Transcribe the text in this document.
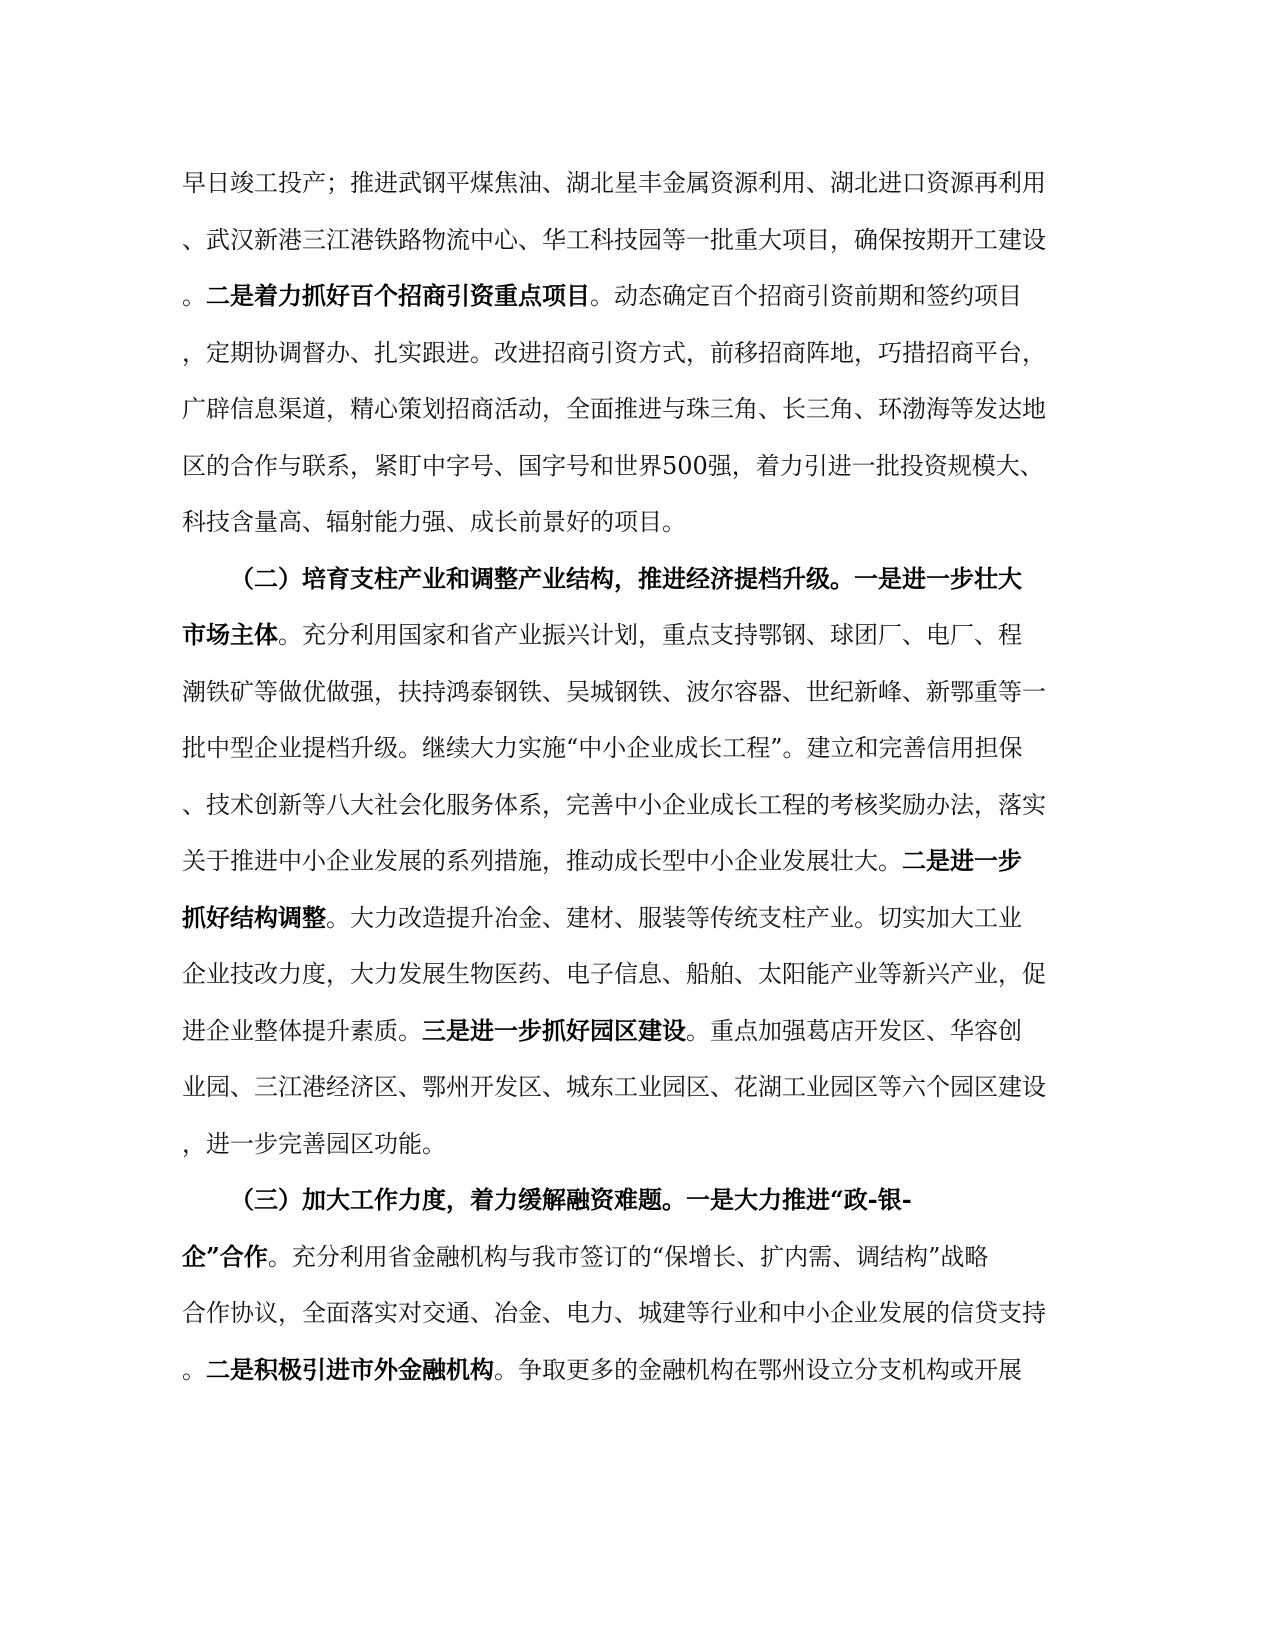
早日竣工投产；推进武钢平煤焦油、湖北星丰金属资源利用、湖北进口资源再利用
、武汉新港三江港铁路物流中心、华工科技园等一批重大项目，确保按期开工建设
。二是着力抓好百个招商引资重点项目。动态确定百个招商引资前期和签约项目
，定期协调督办、扎实跟进。改进招商引资方式，前移招商阵地，巧措招商平台，
广辟信息渠道，精心策划招商活动，全面推进与珠三角、长三角、环渤海等发达地
区的合作与联系，紧盯中字号、国字号和世界500强，着力引进一批投资规模大、
科技含量高、辐射能力强、成长前景好的项目。
（二）培育支柱产业和调整产业结构，推进经济提档升级。一是进一步壮大
市场主体。充分利用国家和省产业振兴计划，重点支持鄂钢、球团厂、电厂、程
潮铁矿等做优做强，扶持鸿泰钢铁、吴城钢铁、波尔容器、世纪新峰、新鄂重等一
批中型企业提档升级。继续大力实施“中小企业成长工程”。建立和完善信用担保
、技术创新等八大社会化服务体系，完善中小企业成长工程的考核奖励办法，落实
关于推进中小企业发展的系列措施，推动成长型中小企业发展壮大。二是进一步
抓好结构调整。大力改造提升冶金、建材、服装等传统支柱产业。切实加大工业
企业技改力度，大力发展生物医药、电子信息、船舶、太阳能产业等新兴产业，促
进企业整体提升素质。三是进一步抓好园区建设。重点加强葛店开发区、华容创
业园、三江港经济区、鄂州开发区、城东工业园区、花湖工业园区等六个园区建设
，进一步完善园区功能。
（三）加大工作力度，着力缓解融资难题。一是大力推进“政-银-
企”合作。充分利用省金融机构与我市签订的“保增长、扩内需、调结构”战略
合作协议，全面落实对交通、冶金、电力、城建等行业和中小企业发展的信贷支持
。二是积极引进市外金融机构。争取更多的金融机构在鄂州设立分支机构或开展
